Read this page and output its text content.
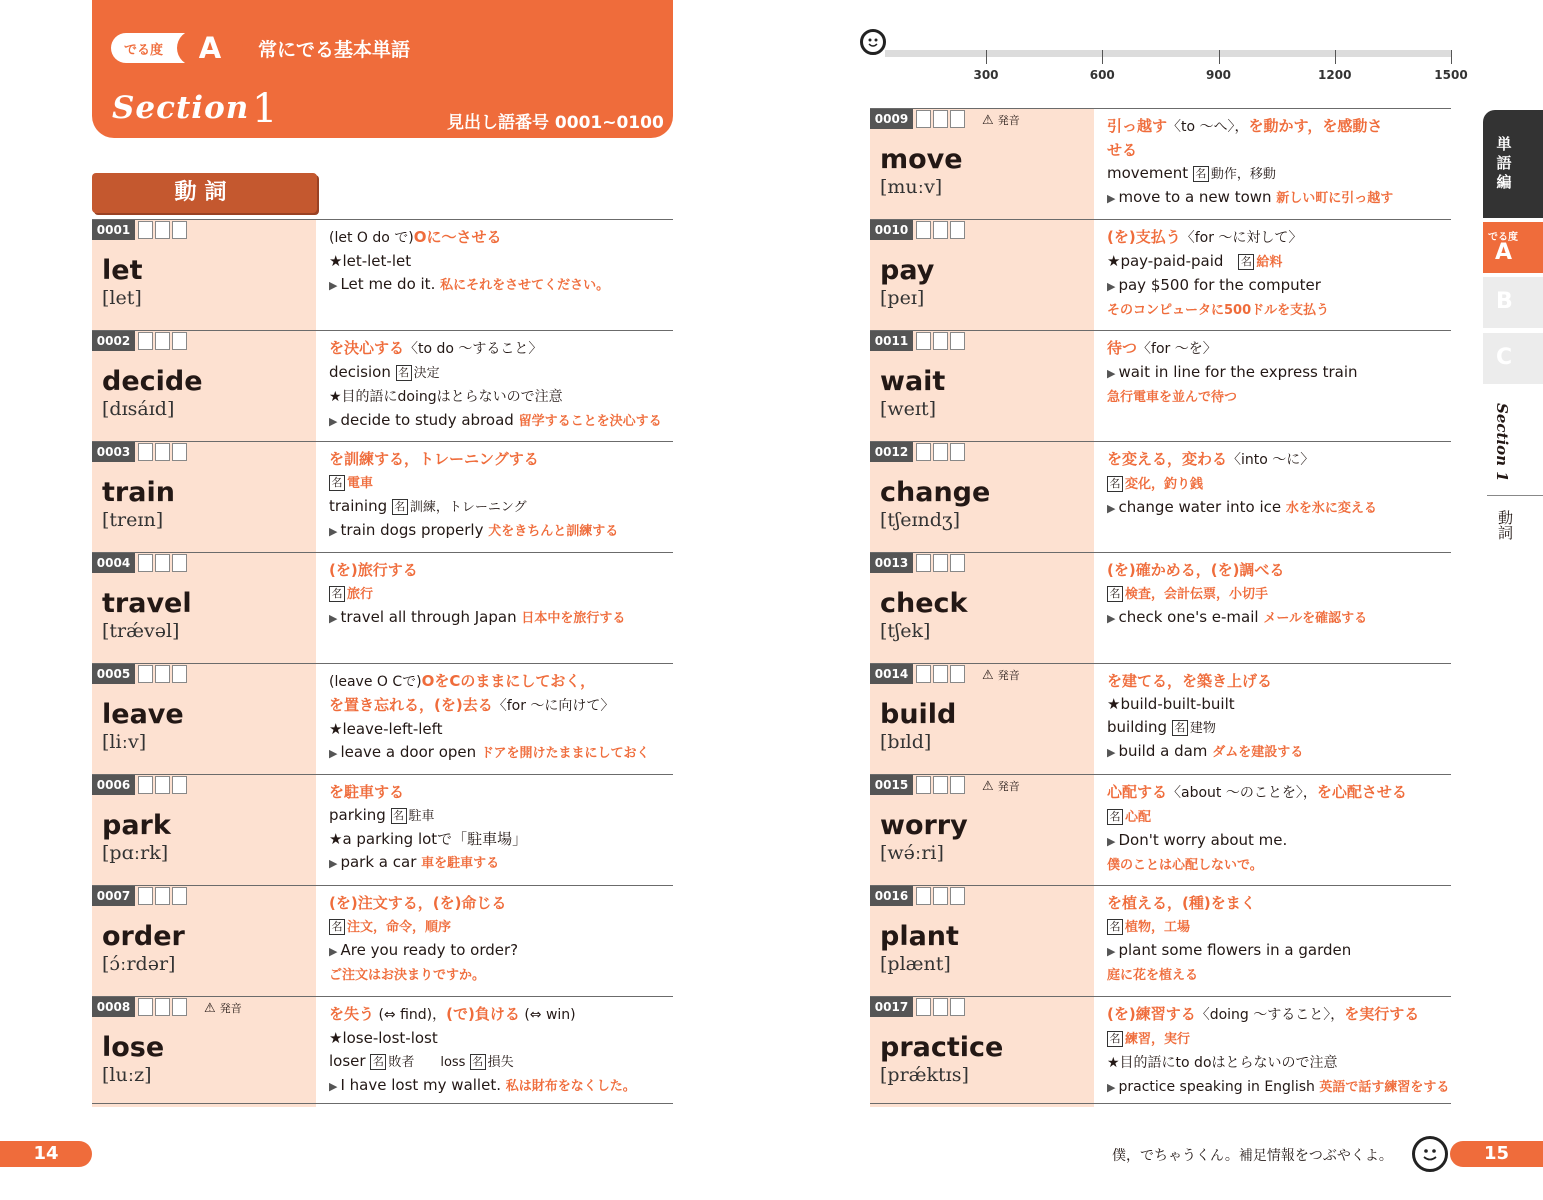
でる度	A	常にでる基本単語
Section 1	見出し語番号 0001~0100
動詞
300	600	900	1200	1500
0001
let
[let]
(let O do で)Oに～させる
★let-let-let
▶ Let me do it. 私にそれをさせてください。
0002
decide
[dɪsáɪd]
を決心する〈to do ～すること〉
decision 名 決定
★目的語にdoingはとらないので注意
▶ decide to study abroad 留学することを決心する
0003
train
[treɪn]
を訓練する，トレーニングする
名 電車
training 名 訓練，トレーニング
▶ train dogs properly 犬をきちんと訓練する
0004
travel
[trǽvəl]
(を)旅行する
名 旅行
▶ travel all through Japan 日本中を旅行する
0005
leave
[liːv]
(leave O Cで)OをCのままにしておく，
を置き忘れる，(を)去る〈for ～に向けて〉
★leave-left-left
▶ leave a door open ドアを開けたままにしておく
0006
park
[pɑːrk]
を駐車する
parking 名 駐車
★a parking lotで「駐車場」
▶ park a car 車を駐車する
0007
order
[ɔ́ːrdər]
(を)注文する，(を)命じる
名 注文，命令，順序
▶ Are you ready to order?
ご注文はお決まりですか。
0008	⚠ 発音
lose
[luːz]
を失う (⇔ find)，(で)負ける (⇔ win)
★lose-lost-lost
loser 名 敗者　　loss 名 損失
▶ I have lost my wallet. 私は財布をなくした。
0009	⚠ 発音
move
[muːv]
引っ越す〈to ～へ〉，を動かす，を感動さ
せる
movement 名 動作，移動
▶ move to a new town 新しい町に引っ越す
0010
pay
[peɪ]
(を)支払う〈for ～に対して〉
★pay-paid-paid　名 給料
▶ pay $500 for the computer
そのコンピュータに500ドルを支払う
0011
wait
[weɪt]
待つ〈for ～を〉
▶ wait in line for the express train
急行電車を並んで待つ
0012
change
[tʃeɪndʒ]
を変える，変わる〈into ～に〉
名 変化，釣り銭
▶ change water into ice 水を氷に変える
0013
check
[tʃek]
(を)確かめる，(を)調べる
名 検査，会計伝票，小切手
▶ check one's e-mail メールを確認する
0014	⚠ 発音
build
[bɪld]
を建てる，を築き上げる
★build-built-built
building 名 建物
▶ build a dam ダムを建設する
0015	⚠ 発音
worry
[wə́ːri]
心配する〈about ～のことを〉，を心配させる
名 心配
▶ Don't worry about me.
僕のことは心配しないで。
0016
plant
[plænt]
を植える，(種)をまく
名 植物，工場
▶ plant some flowers in a garden
庭に花を植える
0017
practice
[prǽktɪs]
(を)練習する〈doing ～すること〉，を実行する
名 練習，実行
★目的語にto doはとらないので注意
▶ practice speaking in English 英語で話す練習をする
単語編
でる度
A
B
C
Section 1
動詞
14	15
僕，でちゃうくん。補足情報をつぶやくよ。
